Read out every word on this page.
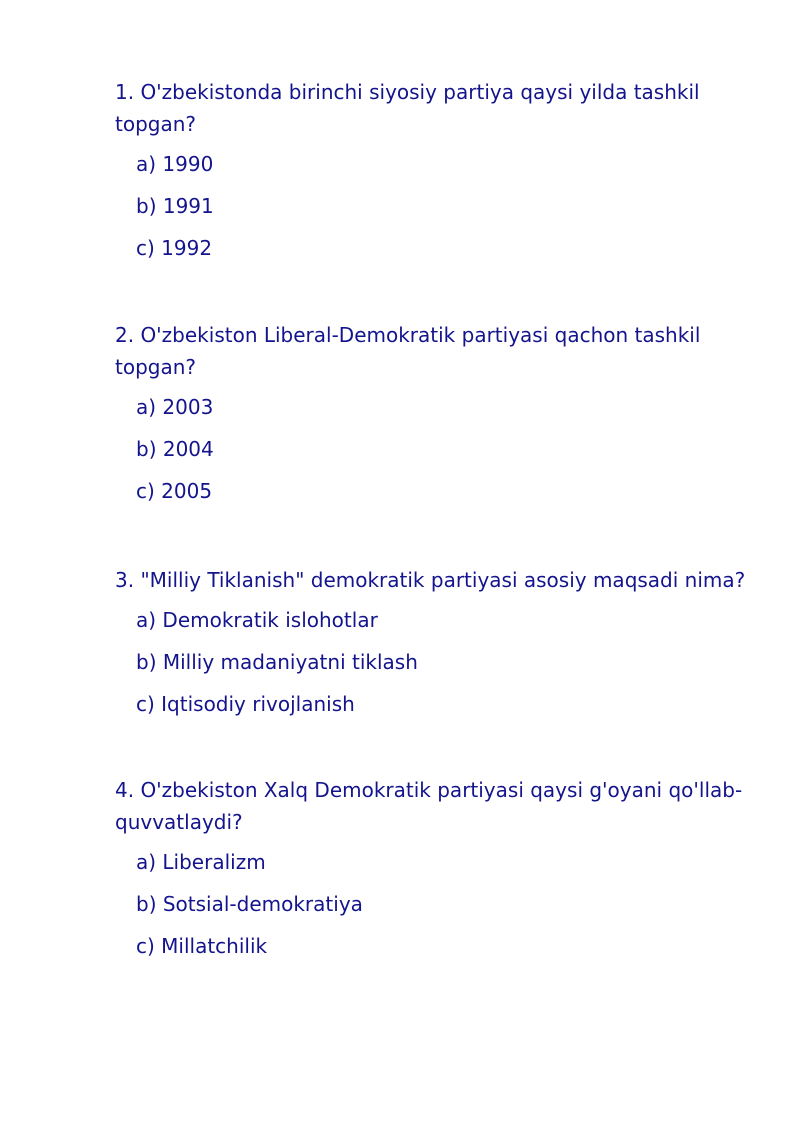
1. O'zbekistonda birinchi siyosiy partiya qaysi yilda tashkil topgan?

a) 1990
b) 1991
c) 1992

2. O'zbekiston Liberal-Demokratik partiyasi qachon tashkil topgan?

a) 2003
b) 2004
c) 2005

3. "Milliy Tiklanish" demokratik partiyasi asosiy maqsadi nima?

a) Demokratik islohotlar
b) Milliy madaniyatni tiklash
c) Iqtisodiy rivojlanish

4. O'zbekiston Xalq Demokratik partiyasi qaysi g'oyani qo'llab-quvvatlaydi?

a) Liberalizm
b) Sotsial-demokratiya
c) Millatchilik
